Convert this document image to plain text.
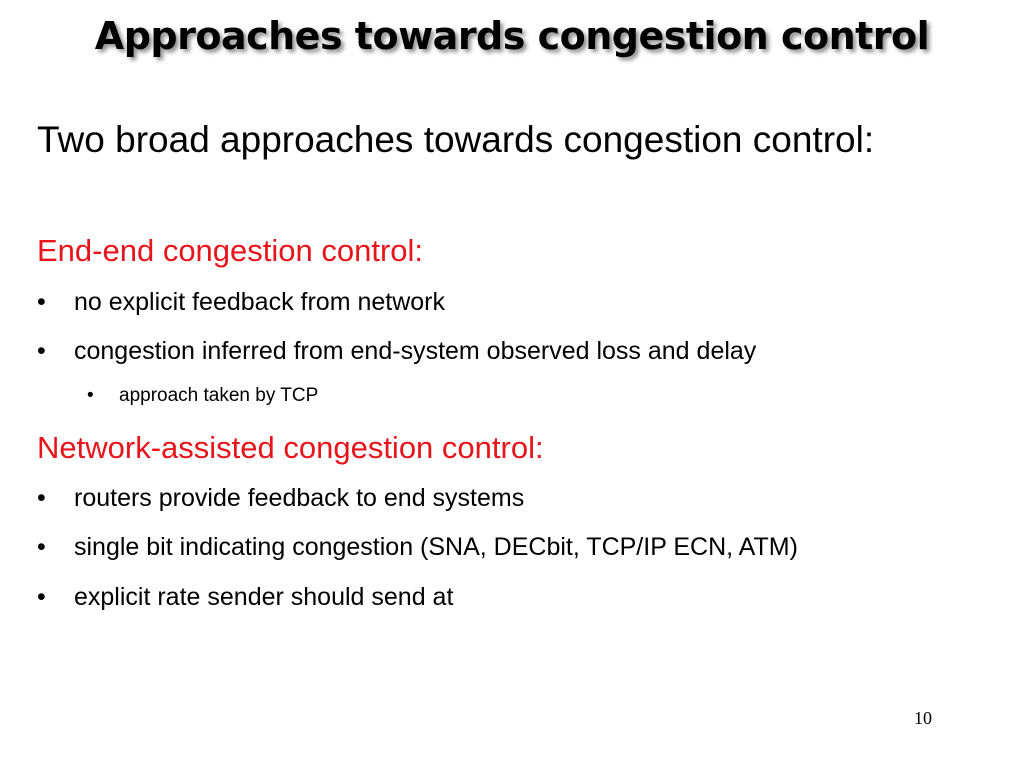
Approaches towards congestion control
Two broad approaches towards congestion control:
End-end congestion control:
• no explicit feedback from network
• congestion inferred from end-system observed loss and delay
• approach taken by TCP
Network-assisted congestion control:
• routers provide feedback to end systems
• single bit indicating congestion (SNA, DECbit, TCP/IP ECN, ATM)
• explicit rate sender should send at
10
